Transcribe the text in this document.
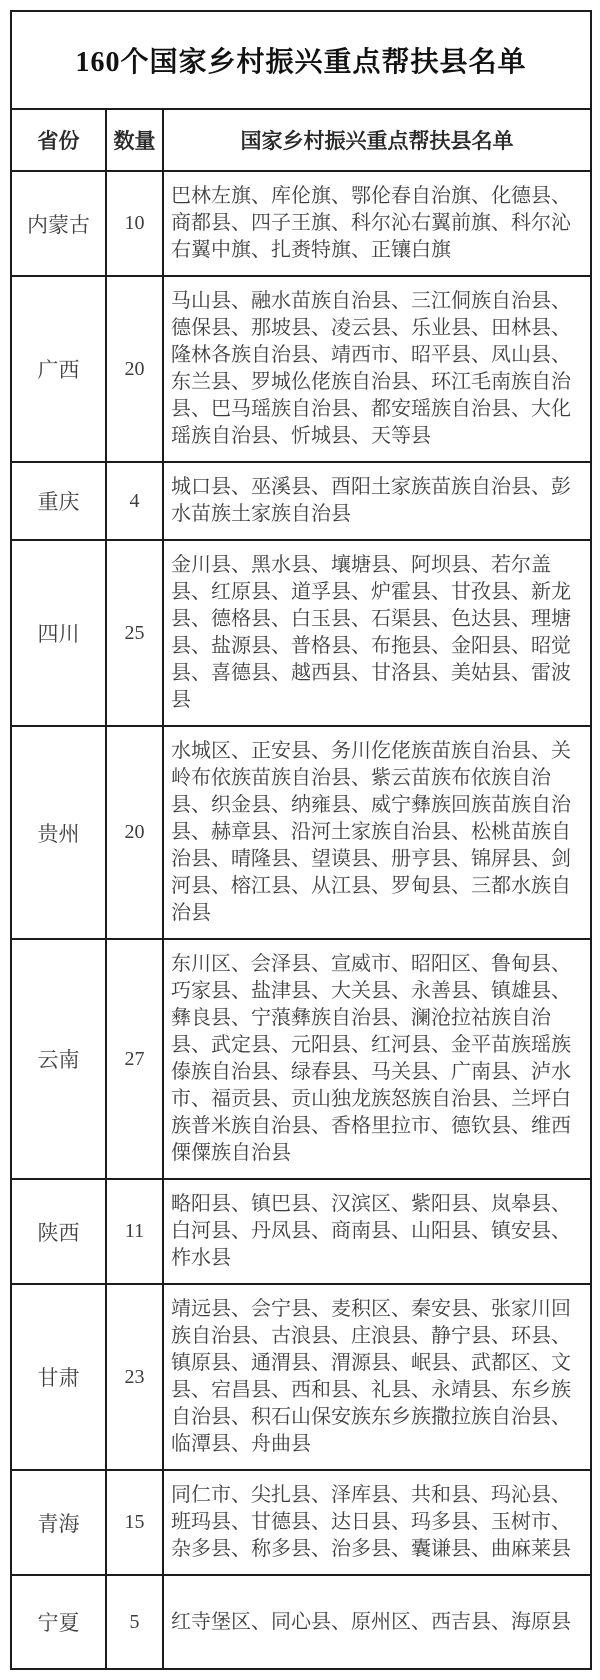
160个国家乡村振兴重点帮扶县名单		
省份	数量	国家乡村振兴重点帮扶县名单
内蒙古	10	巴林左旗、库伦旗、鄂伦春自治旗、化德县、商都县、四子王旗、科尔沁右翼前旗、科尔沁右翼中旗、扎赉特旗、正镶白旗
广西	20	马山县、融水苗族自治县、三江侗族自治县、德保县、那坡县、凌云县、乐业县、田林县、隆林各族自治县、靖西市、昭平县、凤山县、东兰县、罗城仫佬族自治县、环江毛南族自治县、巴马瑶族自治县、都安瑶族自治县、大化瑶族自治县、忻城县、天等县
重庆	4	城口县、巫溪县、酉阳土家族苗族自治县、彭水苗族土家族自治县
四川	25	金川县、黑水县、壤塘县、阿坝县、若尔盖县、红原县、道孚县、炉霍县、甘孜县、新龙县、德格县、白玉县、石渠县、色达县、理塘县、盐源县、普格县、布拖县、金阳县、昭觉县、喜德县、越西县、甘洛县、美姑县、雷波县
贵州	20	水城区、正安县、务川仡佬族苗族自治县、关岭布依族苗族自治县、紫云苗族布依族自治县、织金县、纳雍县、威宁彝族回族苗族自治县、赫章县、沿河土家族自治县、松桃苗族自治县、晴隆县、望谟县、册亨县、锦屏县、剑河县、榕江县、从江县、罗甸县、三都水族自治县
云南	27	东川区、会泽县、宣威市、昭阳区、鲁甸县、巧家县、盐津县、大关县、永善县、镇雄县、彝良县、宁蒗彝族自治县、澜沧拉祜族自治县、武定县、元阳县、红河县、金平苗族瑶族傣族自治县、绿春县、马关县、广南县、泸水市、福贡县、贡山独龙族怒族自治县、兰坪白族普米族自治县、香格里拉市、德钦县、维西傈僳族自治县
陕西	11	略阳县、镇巴县、汉滨区、紫阳县、岚皋县、白河县、丹凤县、商南县、山阳县、镇安县、柞水县
甘肃	23	靖远县、会宁县、麦积区、秦安县、张家川回族自治县、古浪县、庄浪县、静宁县、环县、镇原县、通渭县、渭源县、岷县、武都区、文县、宕昌县、西和县、礼县、永靖县、东乡族自治县、积石山保安族东乡族撒拉族自治县、临潭县、舟曲县
青海	15	同仁市、尖扎县、泽库县、共和县、玛沁县、班玛县、甘德县、达日县、玛多县、玉树市、杂多县、称多县、治多县、囊谦县、曲麻莱县
宁夏	5	红寺堡区、同心县、原州区、西吉县、海原县
